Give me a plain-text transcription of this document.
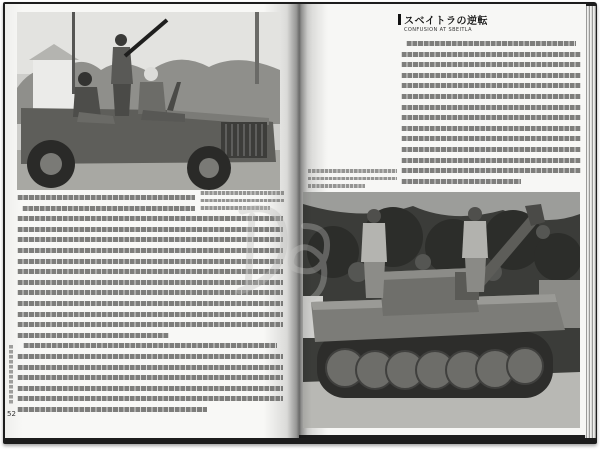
52
スベイトラの逆転
CONFUSION AT SBEITLA
